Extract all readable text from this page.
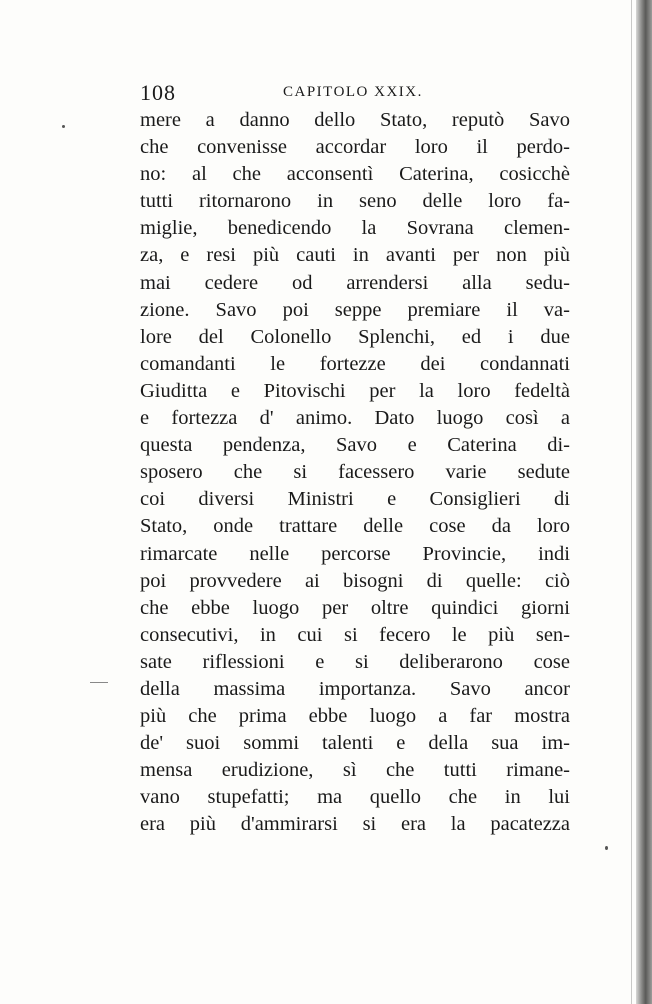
108	CAPITOLO XXIX.
mere a danno dello Stato, reputò Savo
che convenisse accordar loro il perdo-
no: al che acconsentì Caterina, cosicchè
tutti ritornarono in seno delle loro fa-
miglie, benedicendo la Sovrana clemen-
za, e resi più cauti in avanti per non più
mai cedere od arrendersi alla sedu-
zione. Savo poi seppe premiare il va-
lore del Colonello Splenchi, ed i due
comandanti le fortezze dei condannati
Giuditta e Pitovischi per la loro fedeltà
e fortezza d' animo. Dato luogo così a
questa pendenza, Savo e Caterina di-
sposero che si facessero varie sedute
coi diversi Ministri e Consiglieri di
Stato, onde trattare delle cose da loro
rimarcate nelle percorse Provincie, indi
poi provvedere ai bisogni di quelle: ciò
che ebbe luogo per oltre quindici giorni
consecutivi, in cui si fecero le più sen-
sate riflessioni e si deliberarono cose
della massima importanza. Savo ancor
più che prima ebbe luogo a far mostra
de' suoi sommi talenti e della sua im-
mensa erudizione, sì che tutti rimane-
vano stupefatti; ma quello che in lui
era più d'ammirarsi si era la pacatezza
